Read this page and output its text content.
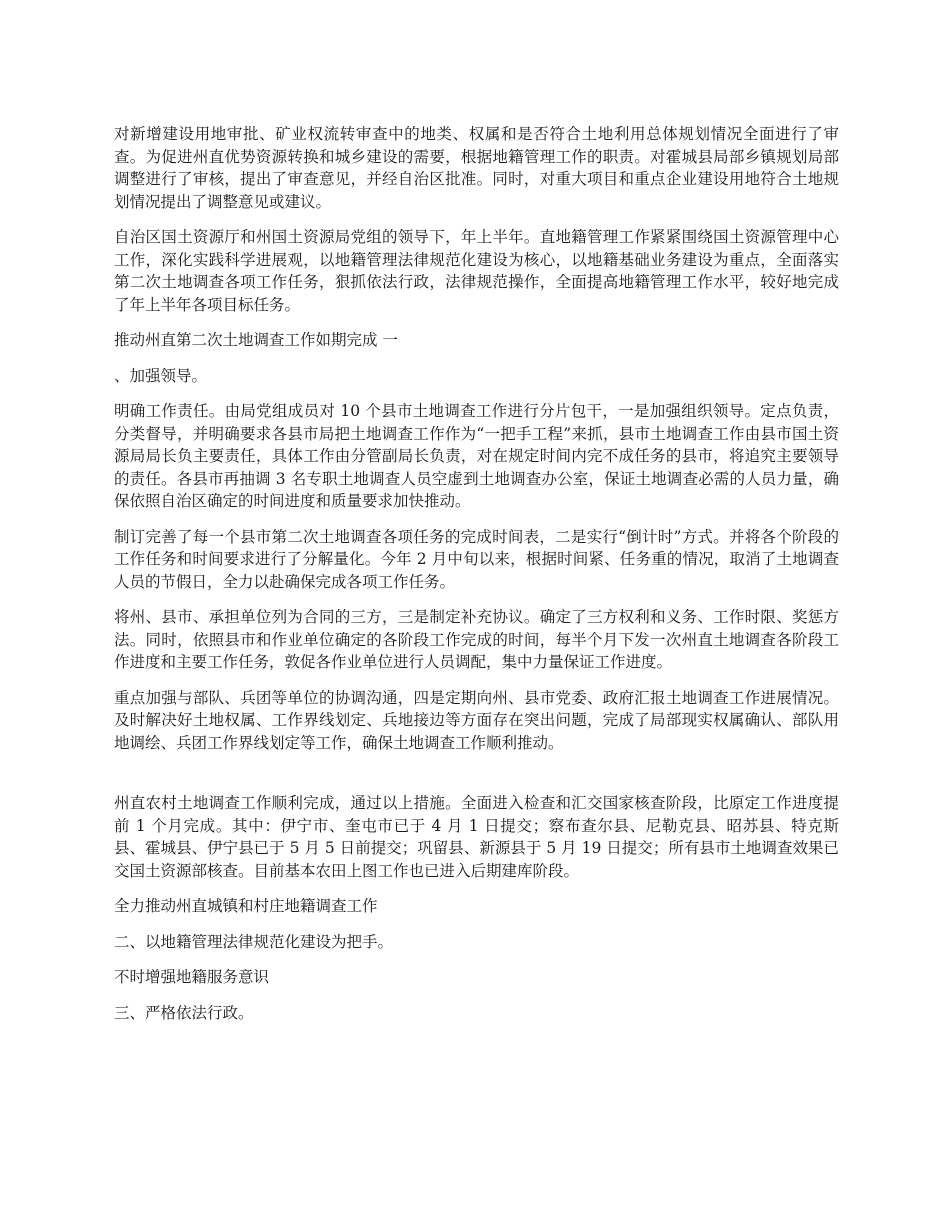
对新增建设用地审批、矿业权流转审查中的地类、权属和是否符合土地利用总体规划情况全面进行了审查。为促进州直优势资源转换和城乡建设的需要，根据地籍管理工作的职责。对霍城县局部乡镇规划局部调整进行了审核，提出了审查意见，并经自治区批准。同时，对重大项目和重点企业建设用地符合土地规划情况提出了调整意见或建议。

自治区国土资源厅和州国土资源局党组的领导下，年上半年。直地籍管理工作紧紧围绕国土资源管理中心工作，深化实践科学进展观，以地籍管理法律规范化建设为核心，以地籍基础业务建设为重点，全面落实第二次土地调查各项工作任务，狠抓依法行政，法律规范操作，全面提高地籍管理工作水平，较好地完成了年上半年各项目标任务。

推动州直第二次土地调查工作如期完成 一

、加强领导。

明确工作责任。由局党组成员对 10 个县市土地调查工作进行分片包干，一是加强组织领导。定点负责，分类督导，并明确要求各县市局把土地调查工作作为“一把手工程”来抓，县市土地调查工作由县市国土资源局局长负主要责任，具体工作由分管副局长负责，对在规定时间内完不成任务的县市，将追究主要领导的责任。各县市再抽调 3 名专职土地调查人员空虚到土地调查办公室，保证土地调查必需的人员力量，确保依照自治区确定的时间进度和质量要求加快推动。

制订完善了每一个县市第二次土地调查各项任务的完成时间表，二是实行“倒计时”方式。并将各个阶段的工作任务和时间要求进行了分解量化。今年 2 月中旬以来，根据时间紧、任务重的情况，取消了土地调查人员的节假日，全力以赴确保完成各项工作任务。

将州、县市、承担单位列为合同的三方，三是制定补充协议。确定了三方权利和义务、工作时限、奖惩方法。同时，依照县市和作业单位确定的各阶段工作完成的时间，每半个月下发一次州直土地调查各阶段工作进度和主要工作任务，敦促各作业单位进行人员调配，集中力量保证工作进度。

重点加强与部队、兵团等单位的协调沟通，四是定期向州、县市党委、政府汇报土地调查工作进展情况。及时解决好土地权属、工作界线划定、兵地接边等方面存在突出问题，完成了局部现实权属确认、部队用地调绘、兵团工作界线划定等工作，确保土地调查工作顺利推动。

州直农村土地调查工作顺利完成，通过以上措施。全面进入检查和汇交国家核查阶段，比原定工作进度提前 1 个月完成。其中：伊宁市、奎屯市已于 4 月 1 日提交；察布查尔县、尼勒克县、昭苏县、特克斯县、霍城县、伊宁县已于 5 月 5 日前提交；巩留县、新源县于 5 月 19 日提交；所有县市土地调查效果已交国土资源部核查。目前基本农田上图工作也已进入后期建库阶段。

全力推动州直城镇和村庄地籍调查工作

二、以地籍管理法律规范化建设为把手。

不时增强地籍服务意识

三、严格依法行政。
